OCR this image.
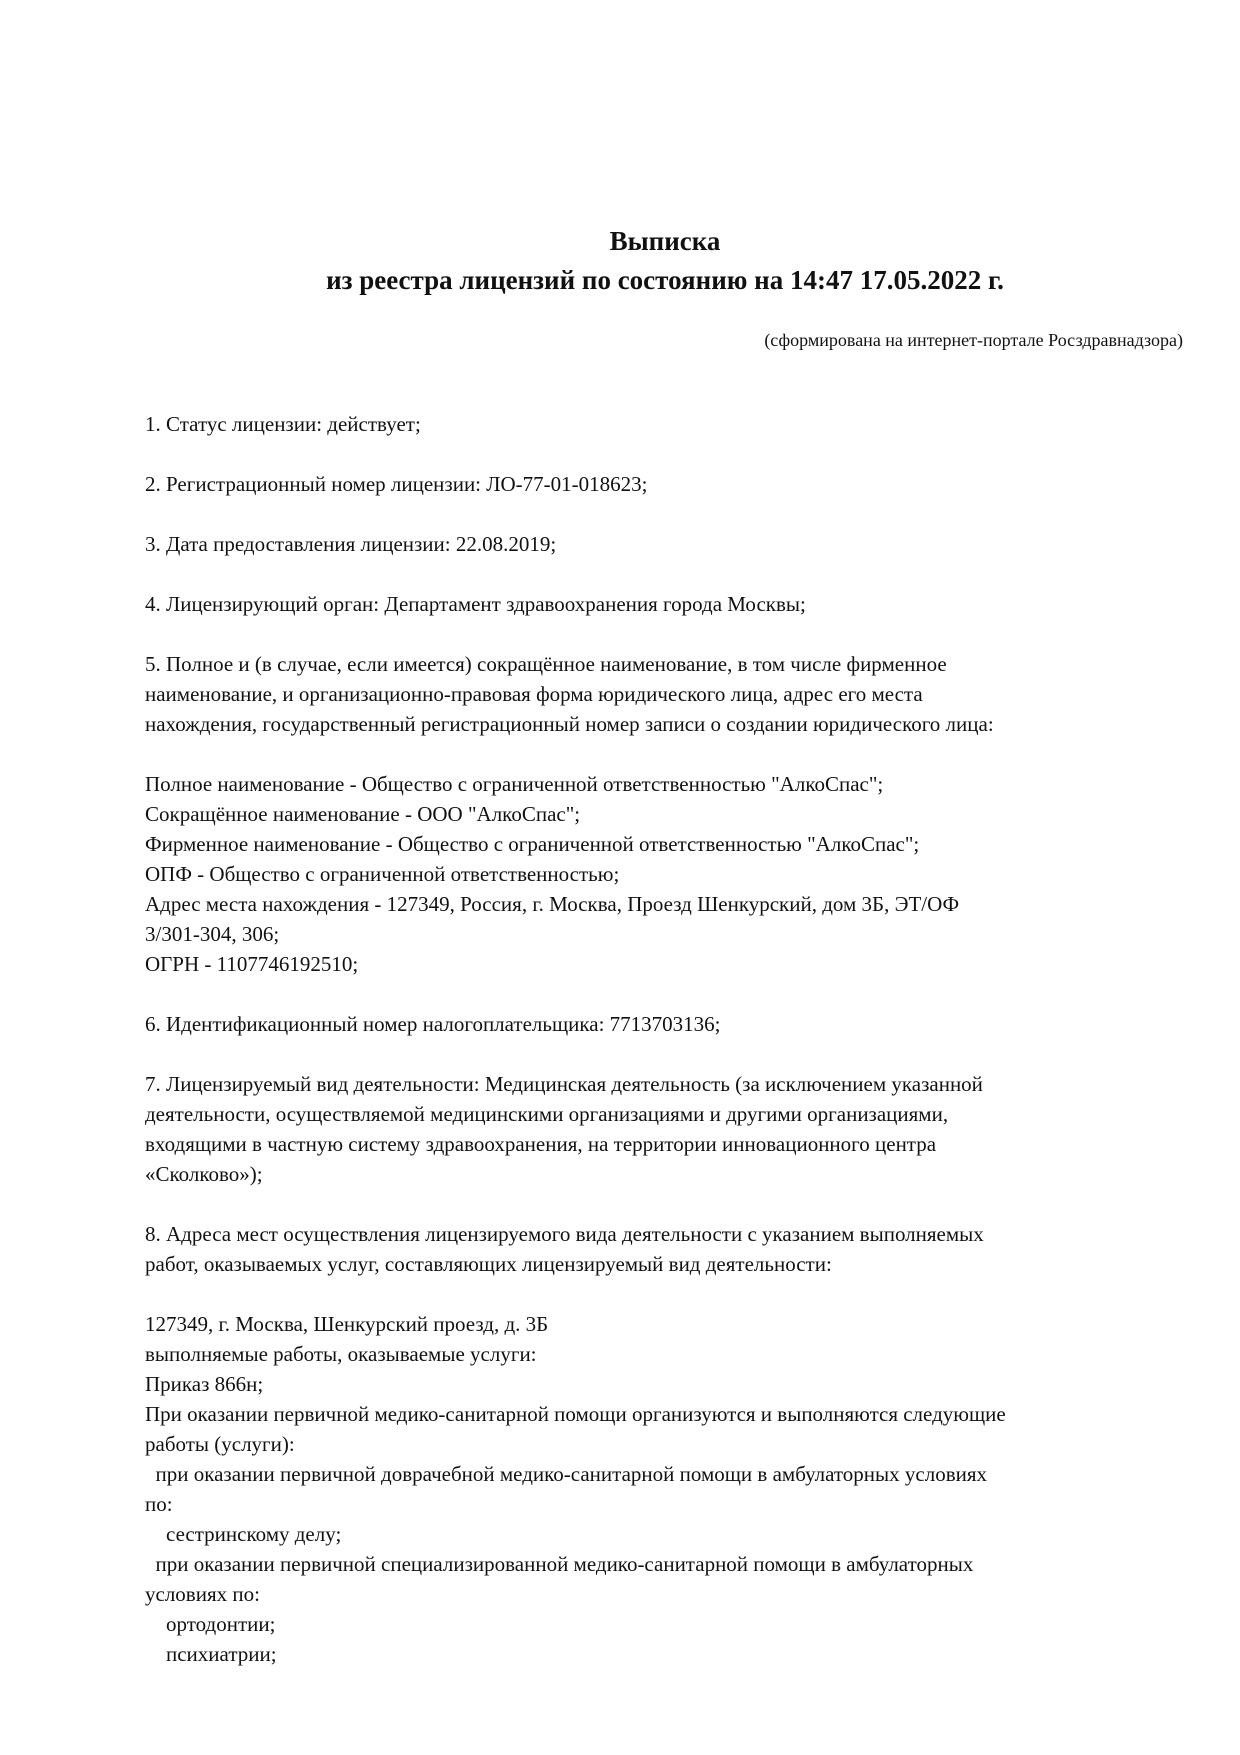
Выписка
из реестра лицензий по состоянию на 14:47 17.05.2022 г.

(сформирована на интернет-портале Росздравнадзора)

1. Статус лицензии: действует;

2. Регистрационный номер лицензии: ЛО-77-01-018623;

3. Дата предоставления лицензии: 22.08.2019;

4. Лицензирующий орган: Департамент здравоохранения города Москвы;

5. Полное и (в случае, если имеется) сокращённое наименование, в том числе фирменное

наименование, и организационно-правовая форма юридического лица, адрес его места

нахождения, государственный регистрационный номер записи о создании юридического лица:

Полное наименование - Общество с ограниченной ответственностью "АлкоСпас";

Сокращённое наименование - ООО "АлкоСпас";

Фирменное наименование - Общество с ограниченной ответственностью "АлкоСпас";

ОПФ - Общество с ограниченной ответственностью;

Адрес места нахождения - 127349, Россия, г. Москва, Проезд Шенкурский, дом 3Б, ЭТ/ОФ

3/301-304, 306;

ОГРН - 1107746192510;

6. Идентификационный номер налогоплательщика: 7713703136;

7. Лицензируемый вид деятельности: Медицинская деятельность (за исключением указанной

деятельности, осуществляемой медицинскими организациями и другими организациями,

входящими в частную систему здравоохранения, на территории инновационного центра

«Сколково»);

8. Адреса мест осуществления лицензируемого вида деятельности с указанием выполняемых

работ, оказываемых услуг, составляющих лицензируемый вид деятельности:

127349, г. Москва, Шенкурский проезд, д. 3Б

выполняемые работы, оказываемые услуги:

Приказ 866н;

При оказании первичной медико-санитарной помощи организуются и выполняются следующие

работы (услуги):

при оказании первичной доврачебной медико-санитарной помощи в амбулаторных условиях

по:

сестринскому делу;

при оказании первичной специализированной медико-санитарной помощи в амбулаторных

условиях по:

ортодонтии;

психиатрии;
